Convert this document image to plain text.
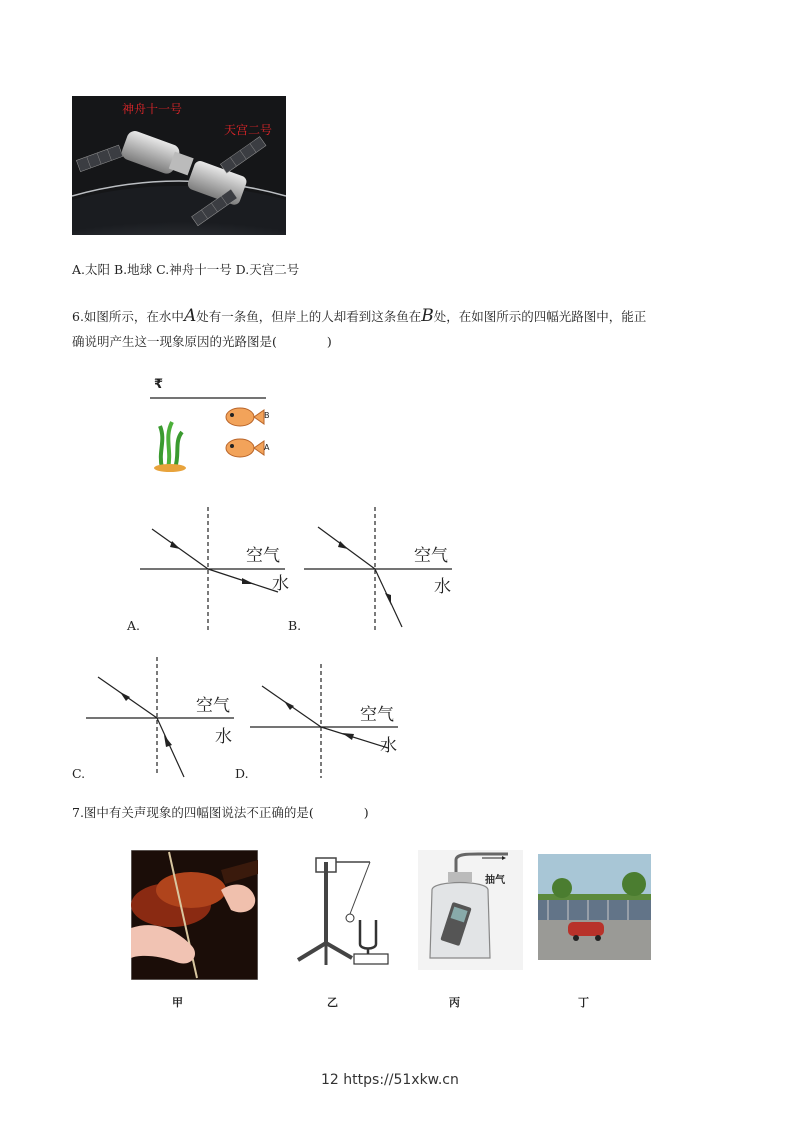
神舟十一号
天宫二号
A.太阳 B.地球 C.神舟十一号 D.天宫二号
6.如图所示，在水中A处有一条鱼，但岸上的人却看到这条鱼在B处，在如图所示的四幅光路图中，能正
确说明产生这一现象原因的光路图是(　　　　)
₹
B
A
空气
水
A.
空气
水
B.
空气
水
C.
空气
水
D.
7.图中有关声现象的四幅图说法不正确的是(　　　　)
抽气
甲	乙	丙	丁
12 https://51xkw.cn
